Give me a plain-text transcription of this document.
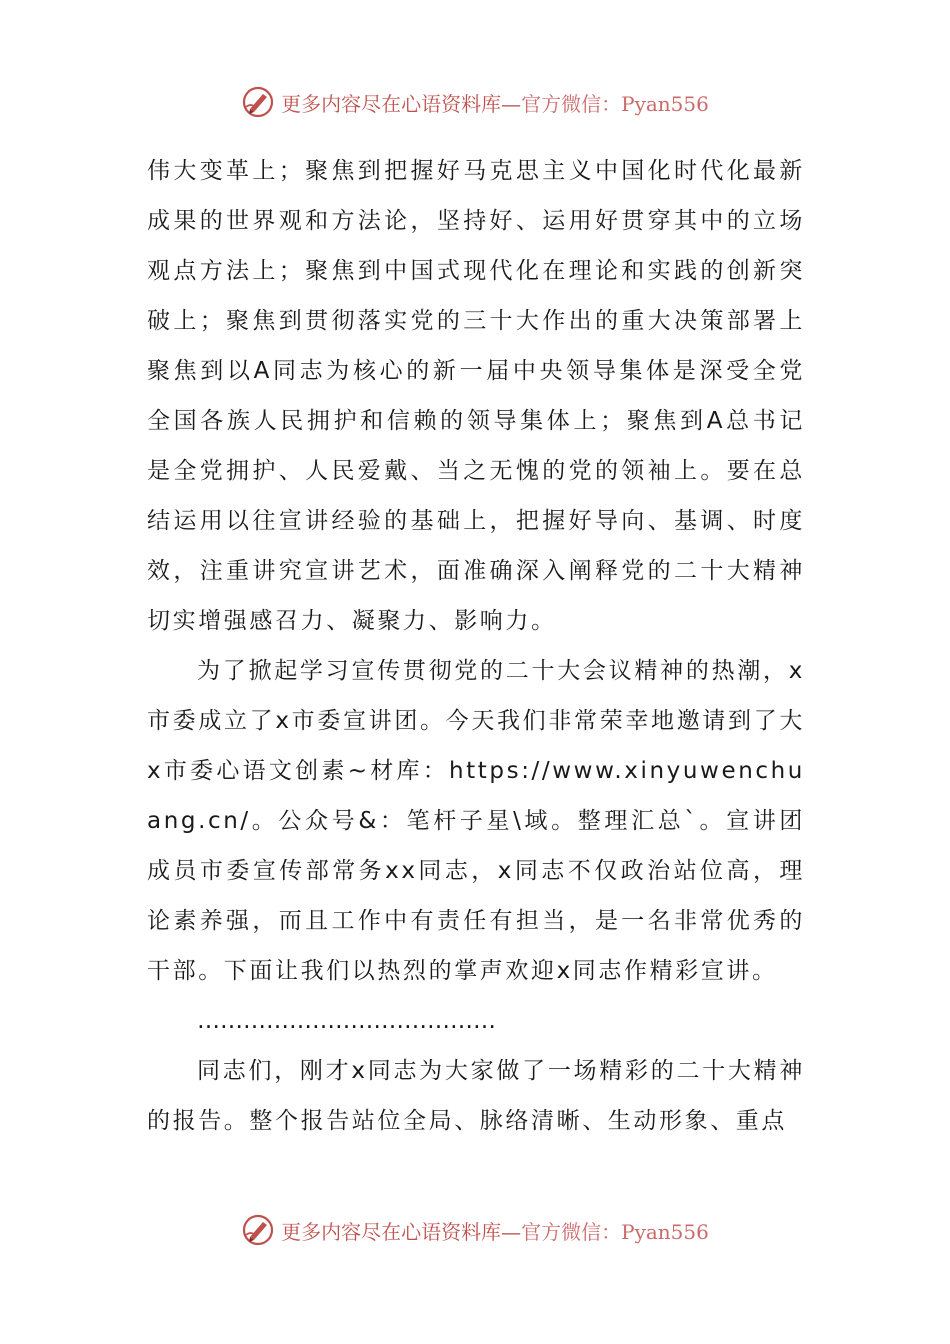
更多内容尽在心语资料库—官方微信：Pyan556

伟大变革上；聚焦到把握好马克思主义中国化时代化最新成果的世界观和方法论，坚持好、运用好贯穿其中的立场观点方法上；聚焦到中国式现代化在理论和实践的创新突破上；聚焦到贯彻落实党的三十大作出的重大决策部署上聚焦到以A同志为核心的新一届中央领导集体是深受全党全国各族人民拥护和信赖的领导集体上；聚焦到A总书记是全党拥护、人民爱戴、当之无愧的党的领袖上。要在总结运用以往宣讲经验的基础上，把握好导向、基调、时度效，注重讲究宣讲艺术，面准确深入阐释党的二十大精神切实增强感召力、凝聚力、影响力。

为了掀起学习宣传贯彻党的二十大会议精神的热潮，x市委成立了x市委宣讲团。今天我们非常荣幸地邀请到了大x市委心语文创素~材库：https://www.xinyuwenchuang.cn/。公众号&：笔杆子星\域。整理汇总`。宣讲团成员市委宣传部常务xx同志，x同志不仅政治站位高，理论素养强，而且工作中有责任有担当，是一名非常优秀的干部。下面让我们以热烈的掌声欢迎x同志作精彩宣讲。

…………………………………

同志们，刚才x同志为大家做了一场精彩的二十大精神的报告。整个报告站位全局、脉络清晰、生动形象、重点

更多内容尽在心语资料库—官方微信：Pyan556
